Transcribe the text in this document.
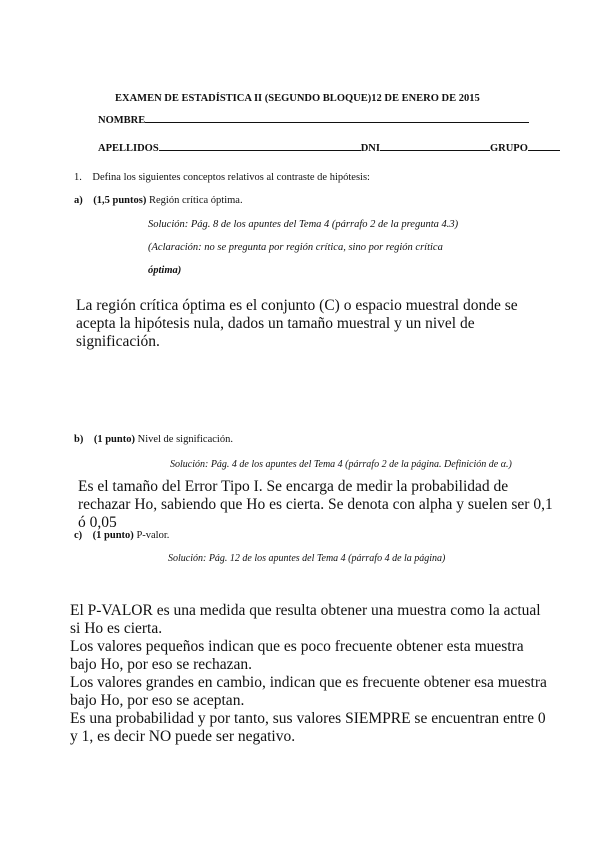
EXAMEN DE ESTADÍSTICA II (SEGUNDO BLOQUE)12 DE ENERO DE 2015
NOMBRE
APELLIDOS	DNI	GRUPO
1. Defina los siguientes conceptos relativos al contraste de hipótesis:
a) (1,5 puntos) Región crítica óptima.
Solución: Pág. 8 de los apuntes del Tema 4 (párrafo 2 de la pregunta 4.3)
(Aclaración: no se pregunta por región crítica, sino por región crítica
óptima)
La región crítica óptima es el conjunto (C) o espacio muestral donde se acepta la hipótesis nula, dados un tamaño muestral y un nivel de significación.
b) (1 punto) Nivel de significación.
Solución: Pág. 4 de los apuntes del Tema 4 (párrafo 2 de la página. Definición de α.)
Es el tamaño del Error Tipo I. Se encarga de medir la probabilidad de rechazar Ho, sabiendo que Ho es cierta. Se denota con alpha y suelen ser 0,1 ó 0,05
c) (1 punto) P-valor.
Solución: Pág. 12 de los apuntes del Tema 4 (párrafo 4 de la página)
El P-VALOR es una medida que resulta obtener una muestra como la actual si Ho es cierta.
Los valores pequeños indican que es poco frecuente obtener esta muestra bajo Ho, por eso se rechazan.
Los valores grandes en cambio, indican que es frecuente obtener esa muestra bajo Ho, por eso se aceptan.
Es una probabilidad y por tanto, sus valores SIEMPRE se encuentran entre 0 y 1, es decir NO puede ser negativo.
